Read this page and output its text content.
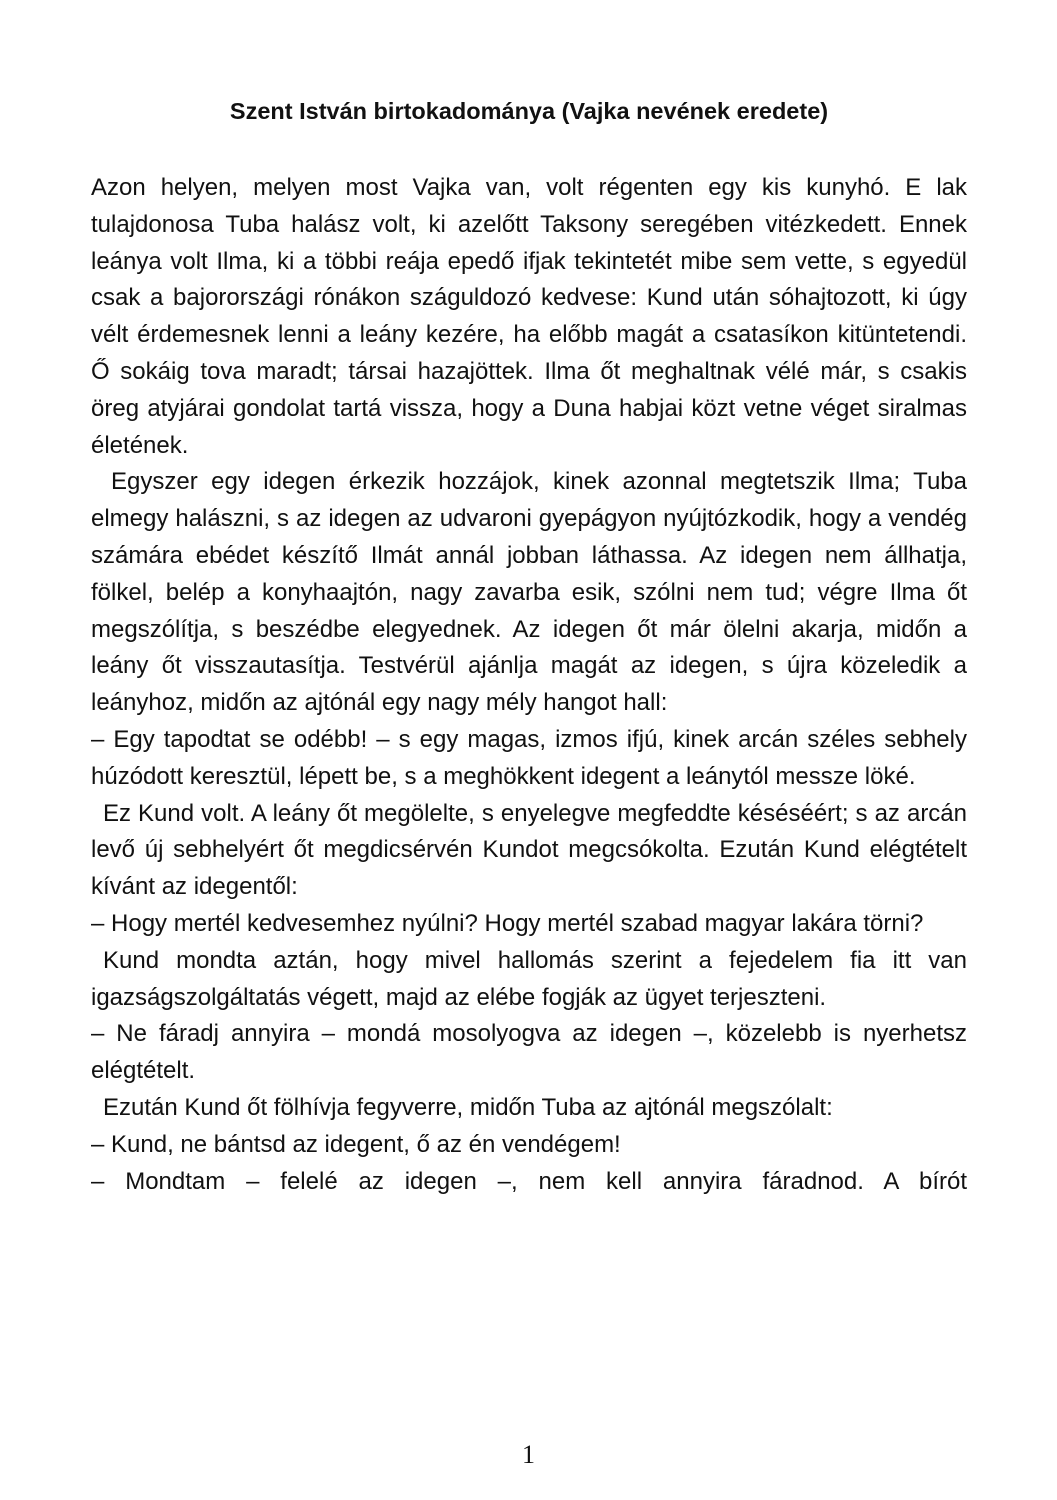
Szent István birtokadománya (Vajka nevének eredete)

Azon helyen, melyen most Vajka van, volt régenten egy kis kunyhó. E lak tulajdonosa Tuba halász volt, ki azelőtt Taksony seregében vitézkedett. Ennek leánya volt Ilma, ki a többi reája epedő ifjak tekintetét mibe sem vette, s egyedül csak a bajorországi rónákon száguldozó kedvese: Kund után sóhajtozott, ki úgy vélt érdemesnek lenni a leány kezére, ha előbb magát a csatasíkon kitüntetendi. Ő sokáig tova maradt; társai hazajöttek. Ilma őt meghaltnak vélé már, s csakis öreg atyjárai gondolat tartá vissza, hogy a Duna habjai közt vetne véget siralmas életének.

Egyszer egy idegen érkezik hozzájok, kinek azonnal megtetszik Ilma; Tuba elmegy halászni, s az idegen az udvaroni gyepágyon nyújtózkodik, hogy a vendég számára ebédet készítő Ilmát annál jobban láthassa. Az idegen nem állhatja, fölkel, belép a konyhaajtón, nagy zavarba esik, szólni nem tud; végre Ilma őt megszólítja, s beszédbe elegyednek. Az idegen őt már ölelni akarja, midőn a leány őt visszautasítja. Testvérül ajánlja magát az idegen, s újra közeledik a leányhoz, midőn az ajtónál egy nagy mély hangot hall:

– Egy tapodtat se odébb! – s egy magas, izmos ifjú, kinek arcán széles sebhely húzódott keresztül, lépett be, s a meghökkent idegent a leánytól messze löké.

Ez Kund volt. A leány őt megölelte, s enyelegve megfeddte késéséért; s az arcán levő új sebhelyért őt megdicsérvén Kundot megcsókolta. Ezután Kund elégtételt kívánt az idegentől:

– Hogy mertél kedvesemhez nyúlni? Hogy mertél szabad magyar lakára törni?

Kund mondta aztán, hogy mivel hallomás szerint a fejedelem fia itt van igazságszolgáltatás végett, majd az elébe fogják az ügyet terjeszteni.

– Ne fáradj annyira – mondá mosolyogva az idegen –, közelebb is nyerhetsz elégtételt.

Ezután Kund őt fölhívja fegyverre, midőn Tuba az ajtónál megszólalt:

– Kund, ne bántsd az idegent, ő az én vendégem!

– Mondtam – felelé az idegen –, nem kell annyira fáradnod. A bírót

1
